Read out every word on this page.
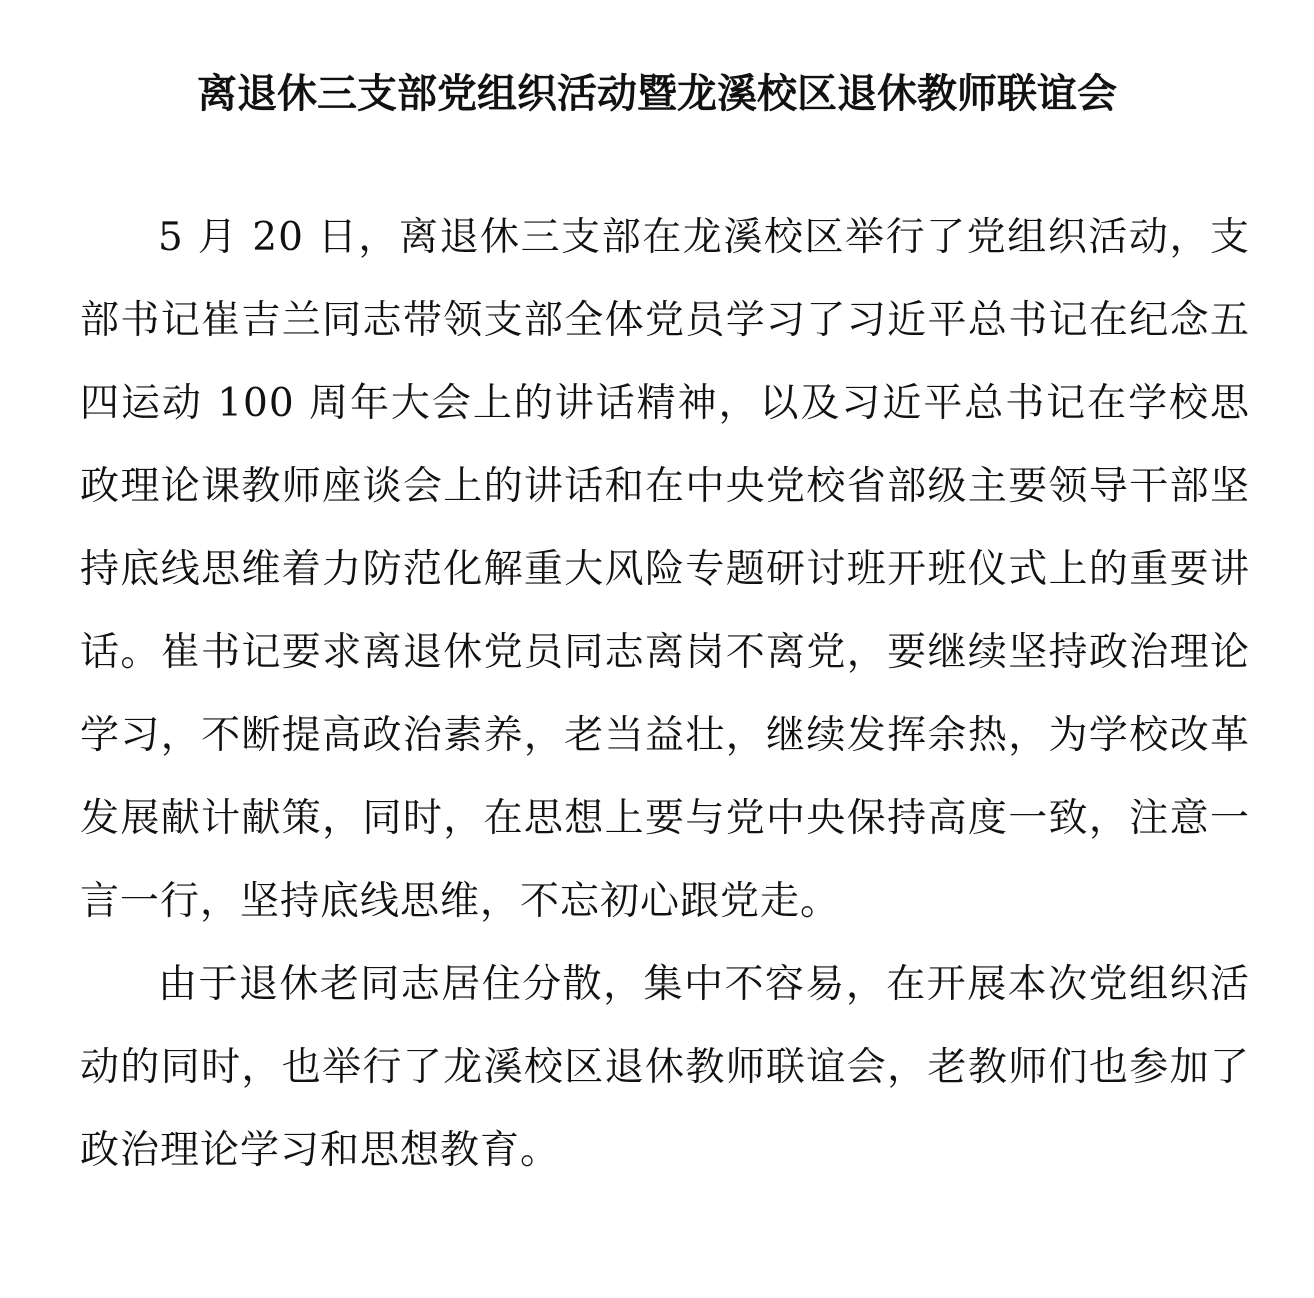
离退休三支部党组织活动暨龙溪校区退休教师联谊会

5 月 20 日，离退休三支部在龙溪校区举行了党组织活动，支部书记崔吉兰同志带领支部全体党员学习了习近平总书记在纪念五四运动 100 周年大会上的讲话精神，以及习近平总书记在学校思政理论课教师座谈会上的讲话和在中央党校省部级主要领导干部坚持底线思维着力防范化解重大风险专题研讨班开班仪式上的重要讲话。崔书记要求离退休党员同志离岗不离党，要继续坚持政治理论学习，不断提高政治素养，老当益壮，继续发挥余热，为学校改革发展献计献策，同时，在思想上要与党中央保持高度一致，注意一言一行，坚持底线思维，不忘初心跟党走。

由于退休老同志居住分散，集中不容易，在开展本次党组织活动的同时，也举行了龙溪校区退休教师联谊会，老教师们也参加了政治理论学习和思想教育。
